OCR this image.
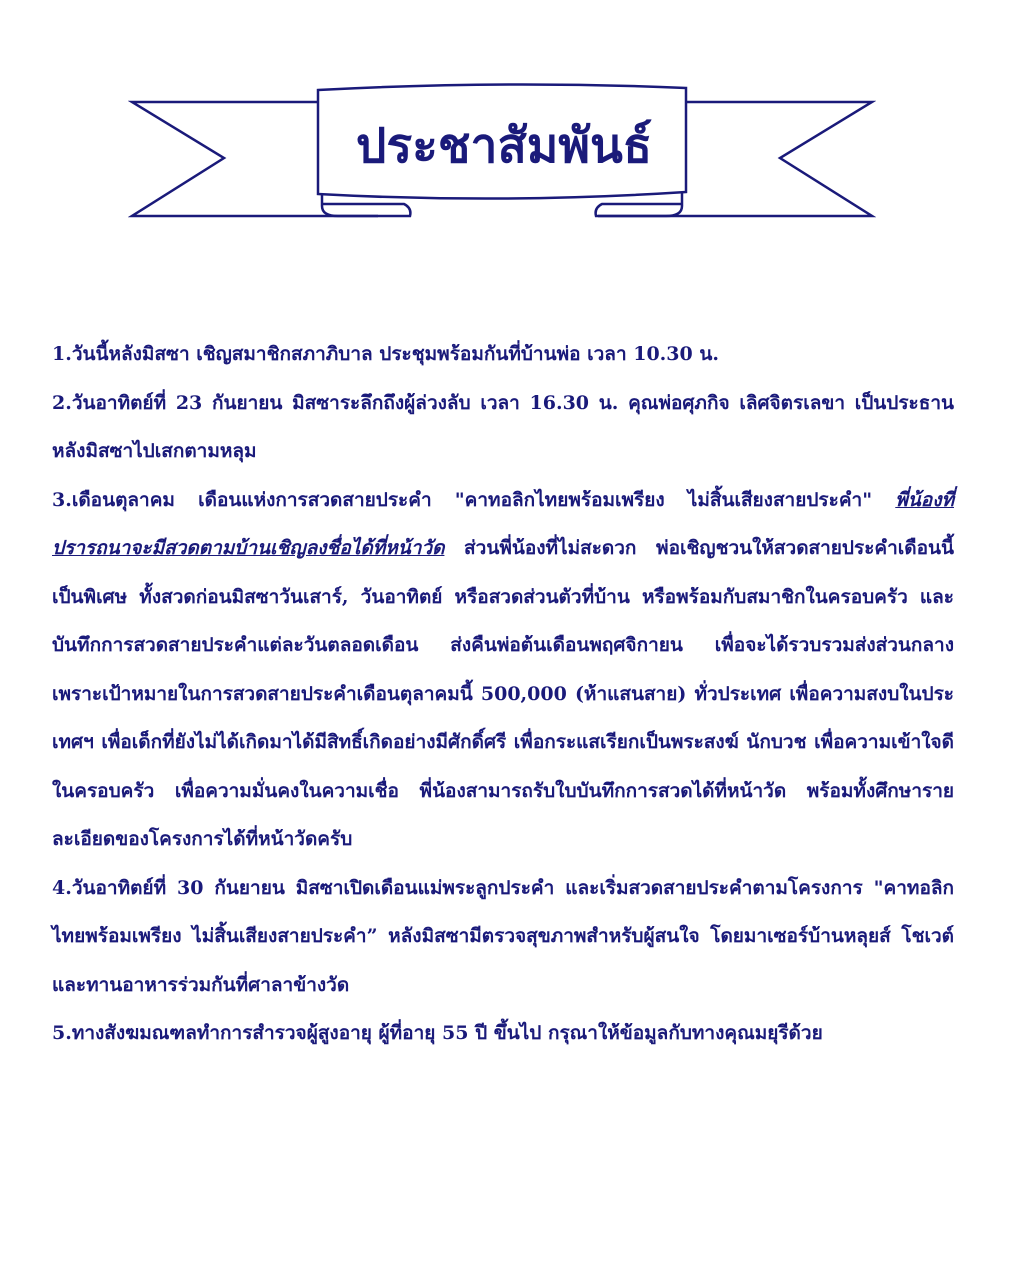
ประชาสัมพันธ์

1.วันนี้หลังมิสซา เชิญสมาชิกสภาภิบาล ประชุมพร้อมกันที่บ้านพ่อ เวลา 10.30 น.

2.วันอาทิตย์ที่ 23 กันยายน มิสซาระลึกถึงผู้ล่วงลับ เวลา 16.30 น. คุณพ่อศุภกิจ เลิศจิตรเลขา เป็นประธาน หลังมิสซาไปเสกตามหลุม

3.เดือนตุลาคม เดือนแห่งการสวดสายประคำ "คาทอลิกไทยพร้อมเพรียง ไม่สิ้นเสียงสายประคำ" พี่น้องที่ปรารถนาจะมีสวดตามบ้านเชิญลงชื่อได้ที่หน้าวัด ส่วนพี่น้องที่ไม่สะดวก พ่อเชิญชวนให้สวดสายประคำเดือนนี้เป็นพิเศษ ทั้งสวดก่อนมิสซาวันเสาร์, วันอาทิตย์ หรือสวดส่วนตัวที่บ้าน หรือพร้อมกับสมาชิกในครอบครัว และบันทึกการสวดสายประคำแต่ละวันตลอดเดือน ส่งคืนพ่อต้นเดือนพฤศจิกายน เพื่อจะได้รวบรวมส่งส่วนกลาง เพราะเป้าหมายในการสวดสายประคำเดือนตุลาคมนี้ 500,000 (ห้าแสนสาย) ทั่วประเทศ เพื่อความสงบในประเทศฯ เพื่อเด็กที่ยังไม่ได้เกิดมาได้มีสิทธิ์เกิดอย่างมีศักดิ์ศรี เพื่อกระแสเรียกเป็นพระสงฆ์ นักบวช เพื่อความเข้าใจดีในครอบครัว เพื่อความมั่นคงในความเชื่อ พี่น้องสามารถรับใบบันทึกการสวดได้ที่หน้าวัด พร้อมทั้งศึกษารายละเอียดของโครงการได้ที่หน้าวัดครับ

4.วันอาทิตย์ที่ 30 กันยายน มิสซาเปิดเดือนแม่พระลูกประคำ และเริ่มสวดสายประคำตามโครงการ "คาทอลิกไทยพร้อมเพรียง ไม่สิ้นเสียงสายประคำ” หลังมิสซามีตรวจสุขภาพสำหรับผู้สนใจ โดยมาเซอร์บ้านหลุยส์ โชเวต์ และทานอาหารร่วมกันที่ศาลาข้างวัด

5.ทางสังฆมณฑลทำการสำรวจผู้สูงอายุ ผู้ที่อายุ 55 ปี ขึ้นไป กรุณาให้ข้อมูลกับทางคุณมยุรีด้วย
